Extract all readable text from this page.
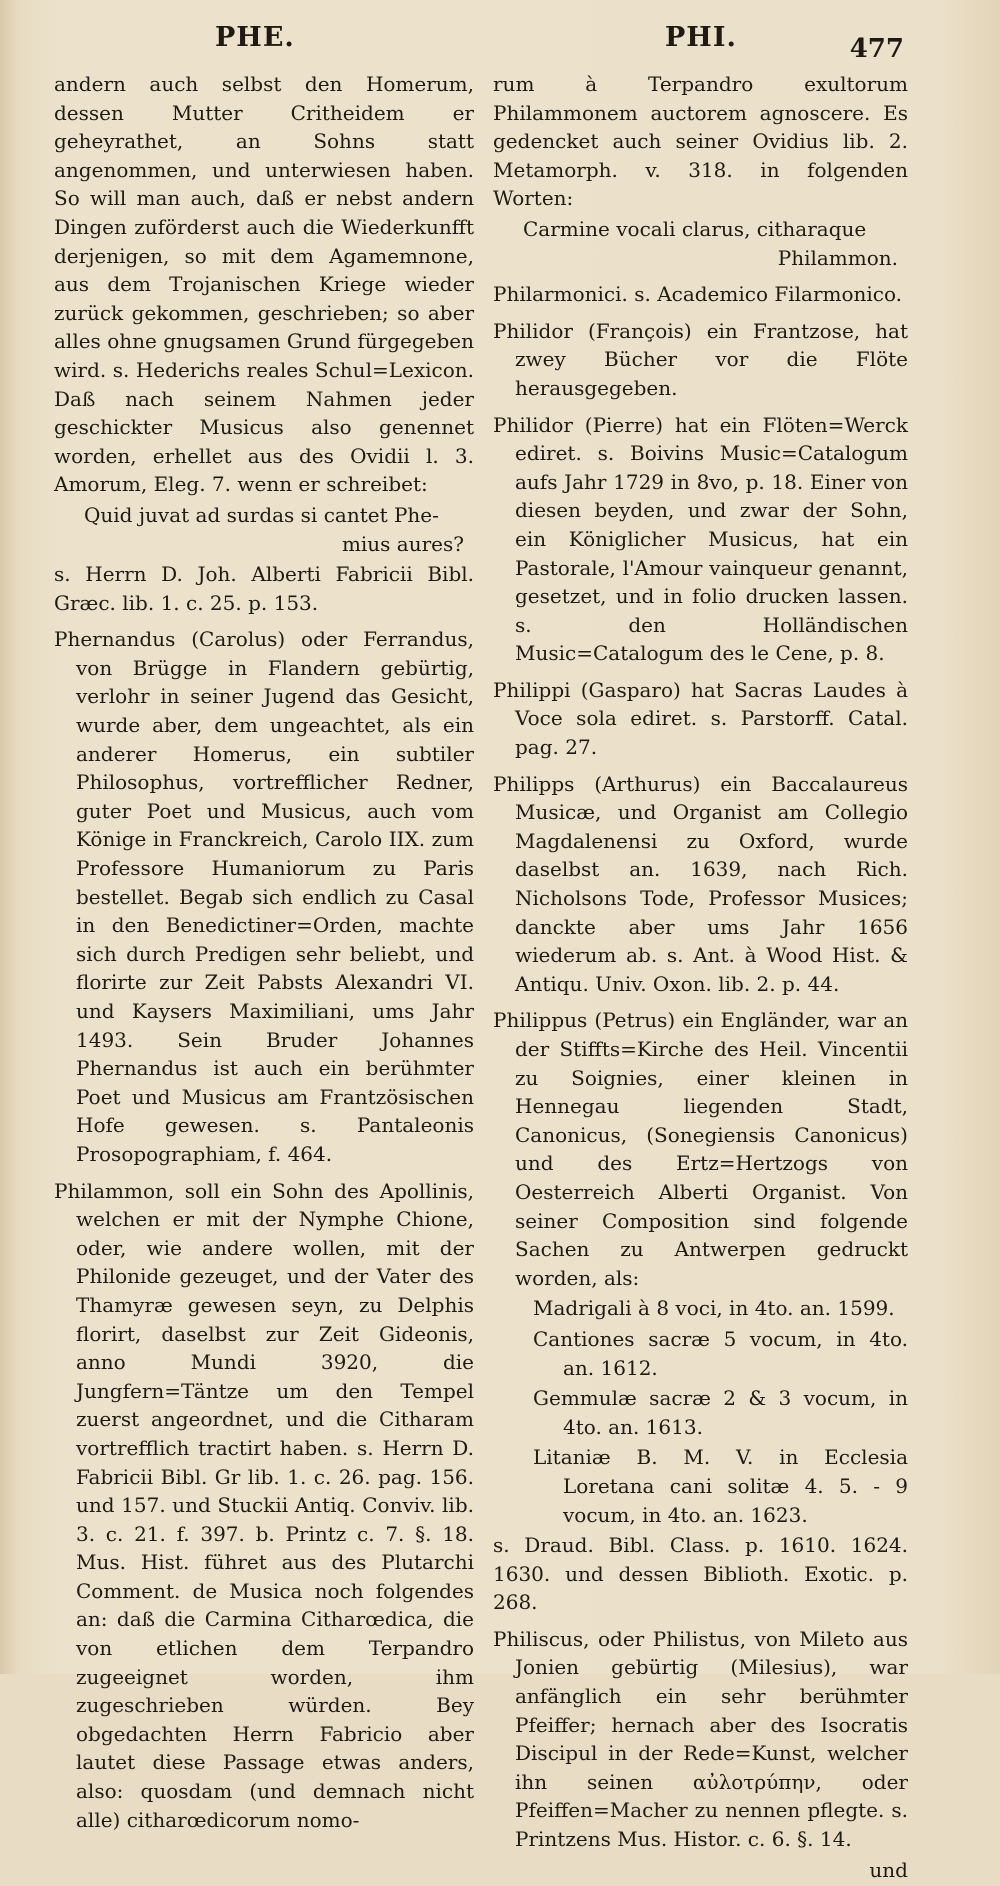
PHE.	PHI.	477

andern auch selbst den Homerum, dessen Mutter Critheidem er geheyrathet, an Sohns statt angenommen, und unterwiesen haben. So will man auch, daß er nebst andern Dingen zuförderst auch die Wiederkunfft derjenigen, so mit dem Agamemnone, aus dem Trojanischen Kriege wieder zurück gekommen, geschrieben; so aber alles ohne gnugsamen Grund fürgegeben wird. s. Hederichs reales Schul=Lexicon. Daß nach seinem Nahmen jeder geschickter Musicus also genennet worden, erhellet aus des Ovidii l. 3. Amorum, Eleg. 7. wenn er schreibet:

Quid juvat ad surdas si cantet Phe-
mius aures?

s. Herrn D. Joh. Alberti Fabricii Bibl. Græc. lib. 1. c. 25. p. 153.

Phernandus (Carolus) oder Ferrandus, von Brügge in Flandern gebürtig, verlohr in seiner Jugend das Gesicht, wurde aber, dem ungeachtet, als ein anderer Homerus, ein subtiler Philosophus, vortrefflicher Redner, guter Poet und Musicus, auch vom Könige in Franckreich, Carolo IIX. zum Professore Humaniorum zu Paris bestellet. Begab sich endlich zu Casal in den Benedictiner=Orden, machte sich durch Predigen sehr beliebt, und florirte zur Zeit Pabsts Alexandri VI. und Kaysers Maximiliani, ums Jahr 1493. Sein Bruder Johannes Phernandus ist auch ein berühmter Poet und Musicus am Frantzösischen Hofe gewesen. s. Pantaleonis Prosopographiam, f. 464.

Philammon, soll ein Sohn des Apollinis, welchen er mit der Nymphe Chione, oder, wie andere wollen, mit der Philonide gezeuget, und der Vater des Thamyræ gewesen seyn, zu Delphis florirt, daselbst zur Zeit Gideonis, anno Mundi 3920, die Jungfern=Täntze um den Tempel zuerst angeordnet, und die Citharam vortrefflich tractirt haben. s. Herrn D. Fabricii Bibl. Gr lib. 1. c. 26. pag. 156. und 157. und Stuckii Antiq. Conviv. lib. 3. c. 21. f. 397. b. Printz c. 7. §. 18. Mus. Hist. führet aus des Plutarchi Comment. de Musica noch folgendes an: daß die Carmina Citharœdica, die von etlichen dem Terpandro zugeeignet worden, ihm zugeschrieben würden. Bey obgedachten Herrn Fabricio aber lautet diese Passage etwas anders, also: quosdam (und demnach nicht alle) citharœdicorum nomo-

rum à Terpandro exultorum Philammonem auctorem agnoscere. Es gedencket auch seiner Ovidius lib. 2. Metamorph. v. 318. in folgenden Worten:

Carmine vocali clarus, citharaque
Philammon.

Philarmonici. s. Academico Filarmonico.

Philidor (François) ein Frantzose, hat zwey Bücher vor die Flöte herausgegeben.

Philidor (Pierre) hat ein Flöten=Werck ediret. s. Boivins Music=Catalogum aufs Jahr 1729 in 8vo, p. 18. Einer von diesen beyden, und zwar der Sohn, ein Königlicher Musicus, hat ein Pastorale, l'Amour vainqueur genannt, gesetzet, und in folio drucken lassen. s. den Holländischen Music=Catalogum des le Cene, p. 8.

Philippi (Gasparo) hat Sacras Laudes à Voce sola ediret. s. Parstorff. Catal. pag. 27.

Philipps (Arthurus) ein Baccalaureus Musicæ, und Organist am Collegio Magdalenensi zu Oxford, wurde daselbst an. 1639, nach Rich. Nicholsons Tode, Professor Musices; danckte aber ums Jahr 1656 wiederum ab. s. Ant. à Wood Hist. & Antiqu. Univ. Oxon. lib. 2. p. 44.

Philippus (Petrus) ein Engländer, war an der Stiffts=Kirche des Heil. Vincentii zu Soignies, einer kleinen in Hennegau liegenden Stadt, Canonicus, (Sonegiensis Canonicus) und des Ertz=Hertzogs von Oesterreich Alberti Organist. Von seiner Composition sind folgende Sachen zu Antwerpen gedruckt worden, als:

Madrigali à 8 voci, in 4to. an. 1599.

Cantiones sacræ 5 vocum, in 4to. an. 1612.

Gemmulæ sacræ 2 & 3 vocum, in 4to. an. 1613.

Litaniæ B. M. V. in Ecclesia Loretana cani solitæ 4. 5. - 9 vocum, in 4to. an. 1623.

s. Draud. Bibl. Class. p. 1610. 1624. 1630. und dessen Biblioth. Exotic. p. 268.

Philiscus, oder Philistus, von Mileto aus Jonien gebürtig (Milesius), war anfänglich ein sehr berühmter Pfeiffer; hernach aber des Isocratis Discipul in der Rede=Kunst, welcher ihn seinen αὐλοτρύπην, oder Pfeiffen=Macher zu nennen pflegte. s. Printzens Mus. Histor. c. 6. §. 14.

und
